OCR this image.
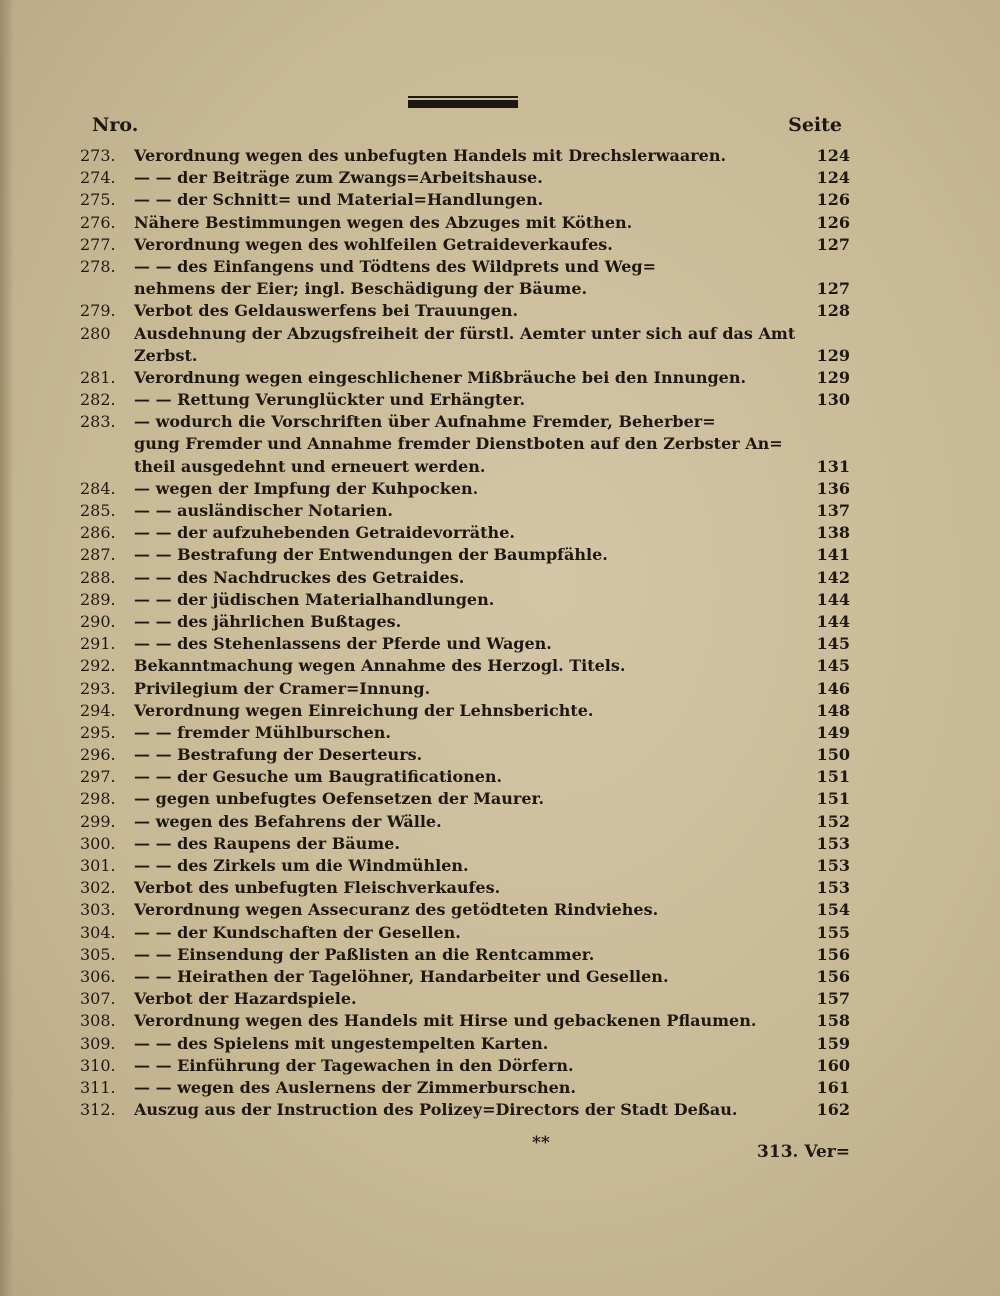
Nro.	Seite
273.	Verordnung wegen des unbefugten Handels mit Drechslerwaaren.	124
274.	— — der Beiträge zum Zwangs=Arbeitshause.	124
275.	— — der Schnitt= und Material=Handlungen.	126
276.	Nähere Bestimmungen wegen des Abzuges mit Köthen.	126
277.	Verordnung wegen des wohlfeilen Getraideverkaufes.	127
278.	— — des Einfangens und Tödtens des Wildprets und Weg=
nehmens der Eier; ingl. Beschädigung der Bäume.	127
279.	Verbot des Geldauswerfens bei Trauungen.	128
280	Ausdehnung der Abzugsfreiheit der fürstl. Aemter unter sich auf das Amt
Zerbst.	129
281.	Verordnung wegen eingeschlichener Mißbräuche bei den Innungen.	129
282.	— — Rettung Verunglückter und Erhängter.	130
283.	— wodurch die Vorschriften über Aufnahme Fremder, Beherber=
gung Fremder und Annahme fremder Dienstboten auf den Zerbster An=
theil ausgedehnt und erneuert werden.	131
284.	— wegen der Impfung der Kuhpocken.	136
285.	— — ausländischer Notarien.	137
286.	— — der aufzuhebenden Getraidevorräthe.	138
287.	— — Bestrafung der Entwendungen der Baumpfähle.	141
288.	— — des Nachdruckes des Getraides.	142
289.	— — der jüdischen Materialhandlungen.	144
290.	— — des jährlichen Bußtages.	144
291.	— — des Stehenlassens der Pferde und Wagen.	145
292.	Bekanntmachung wegen Annahme des Herzogl. Titels.	145
293.	Privilegium der Cramer=Innung.	146
294.	Verordnung wegen Einreichung der Lehnsberichte.	148
295.	— — fremder Mühlburschen.	149
296.	— — Bestrafung der Deserteurs.	150
297.	— — der Gesuche um Baugratificationen.	151
298.	— gegen unbefugtes Oefensetzen der Maurer.	151
299.	— wegen des Befahrens der Wälle.	152
300.	— — des Raupens der Bäume.	153
301.	— — des Zirkels um die Windmühlen.	153
302.	Verbot des unbefugten Fleischverkaufes.	153
303.	Verordnung wegen Assecuranz des getödteten Rindviehes.	154
304.	— — der Kundschaften der Gesellen.	155
305.	— — Einsendung der Paßlisten an die Rentcammer.	156
306.	— — Heirathen der Tagelöhner, Handarbeiter und Gesellen.	156
307.	Verbot der Hazardspiele.	157
308.	Verordnung wegen des Handels mit Hirse und gebackenen Pflaumen.	158
309.	— — des Spielens mit ungestempelten Karten.	159
310.	— — Einführung der Tagewachen in den Dörfern.	160
311.	— — wegen des Auslernens der Zimmerburschen.	161
312.	Auszug aus der Instruction des Polizey=Directors der Stadt Deßau.	162
**	313. Ver=
